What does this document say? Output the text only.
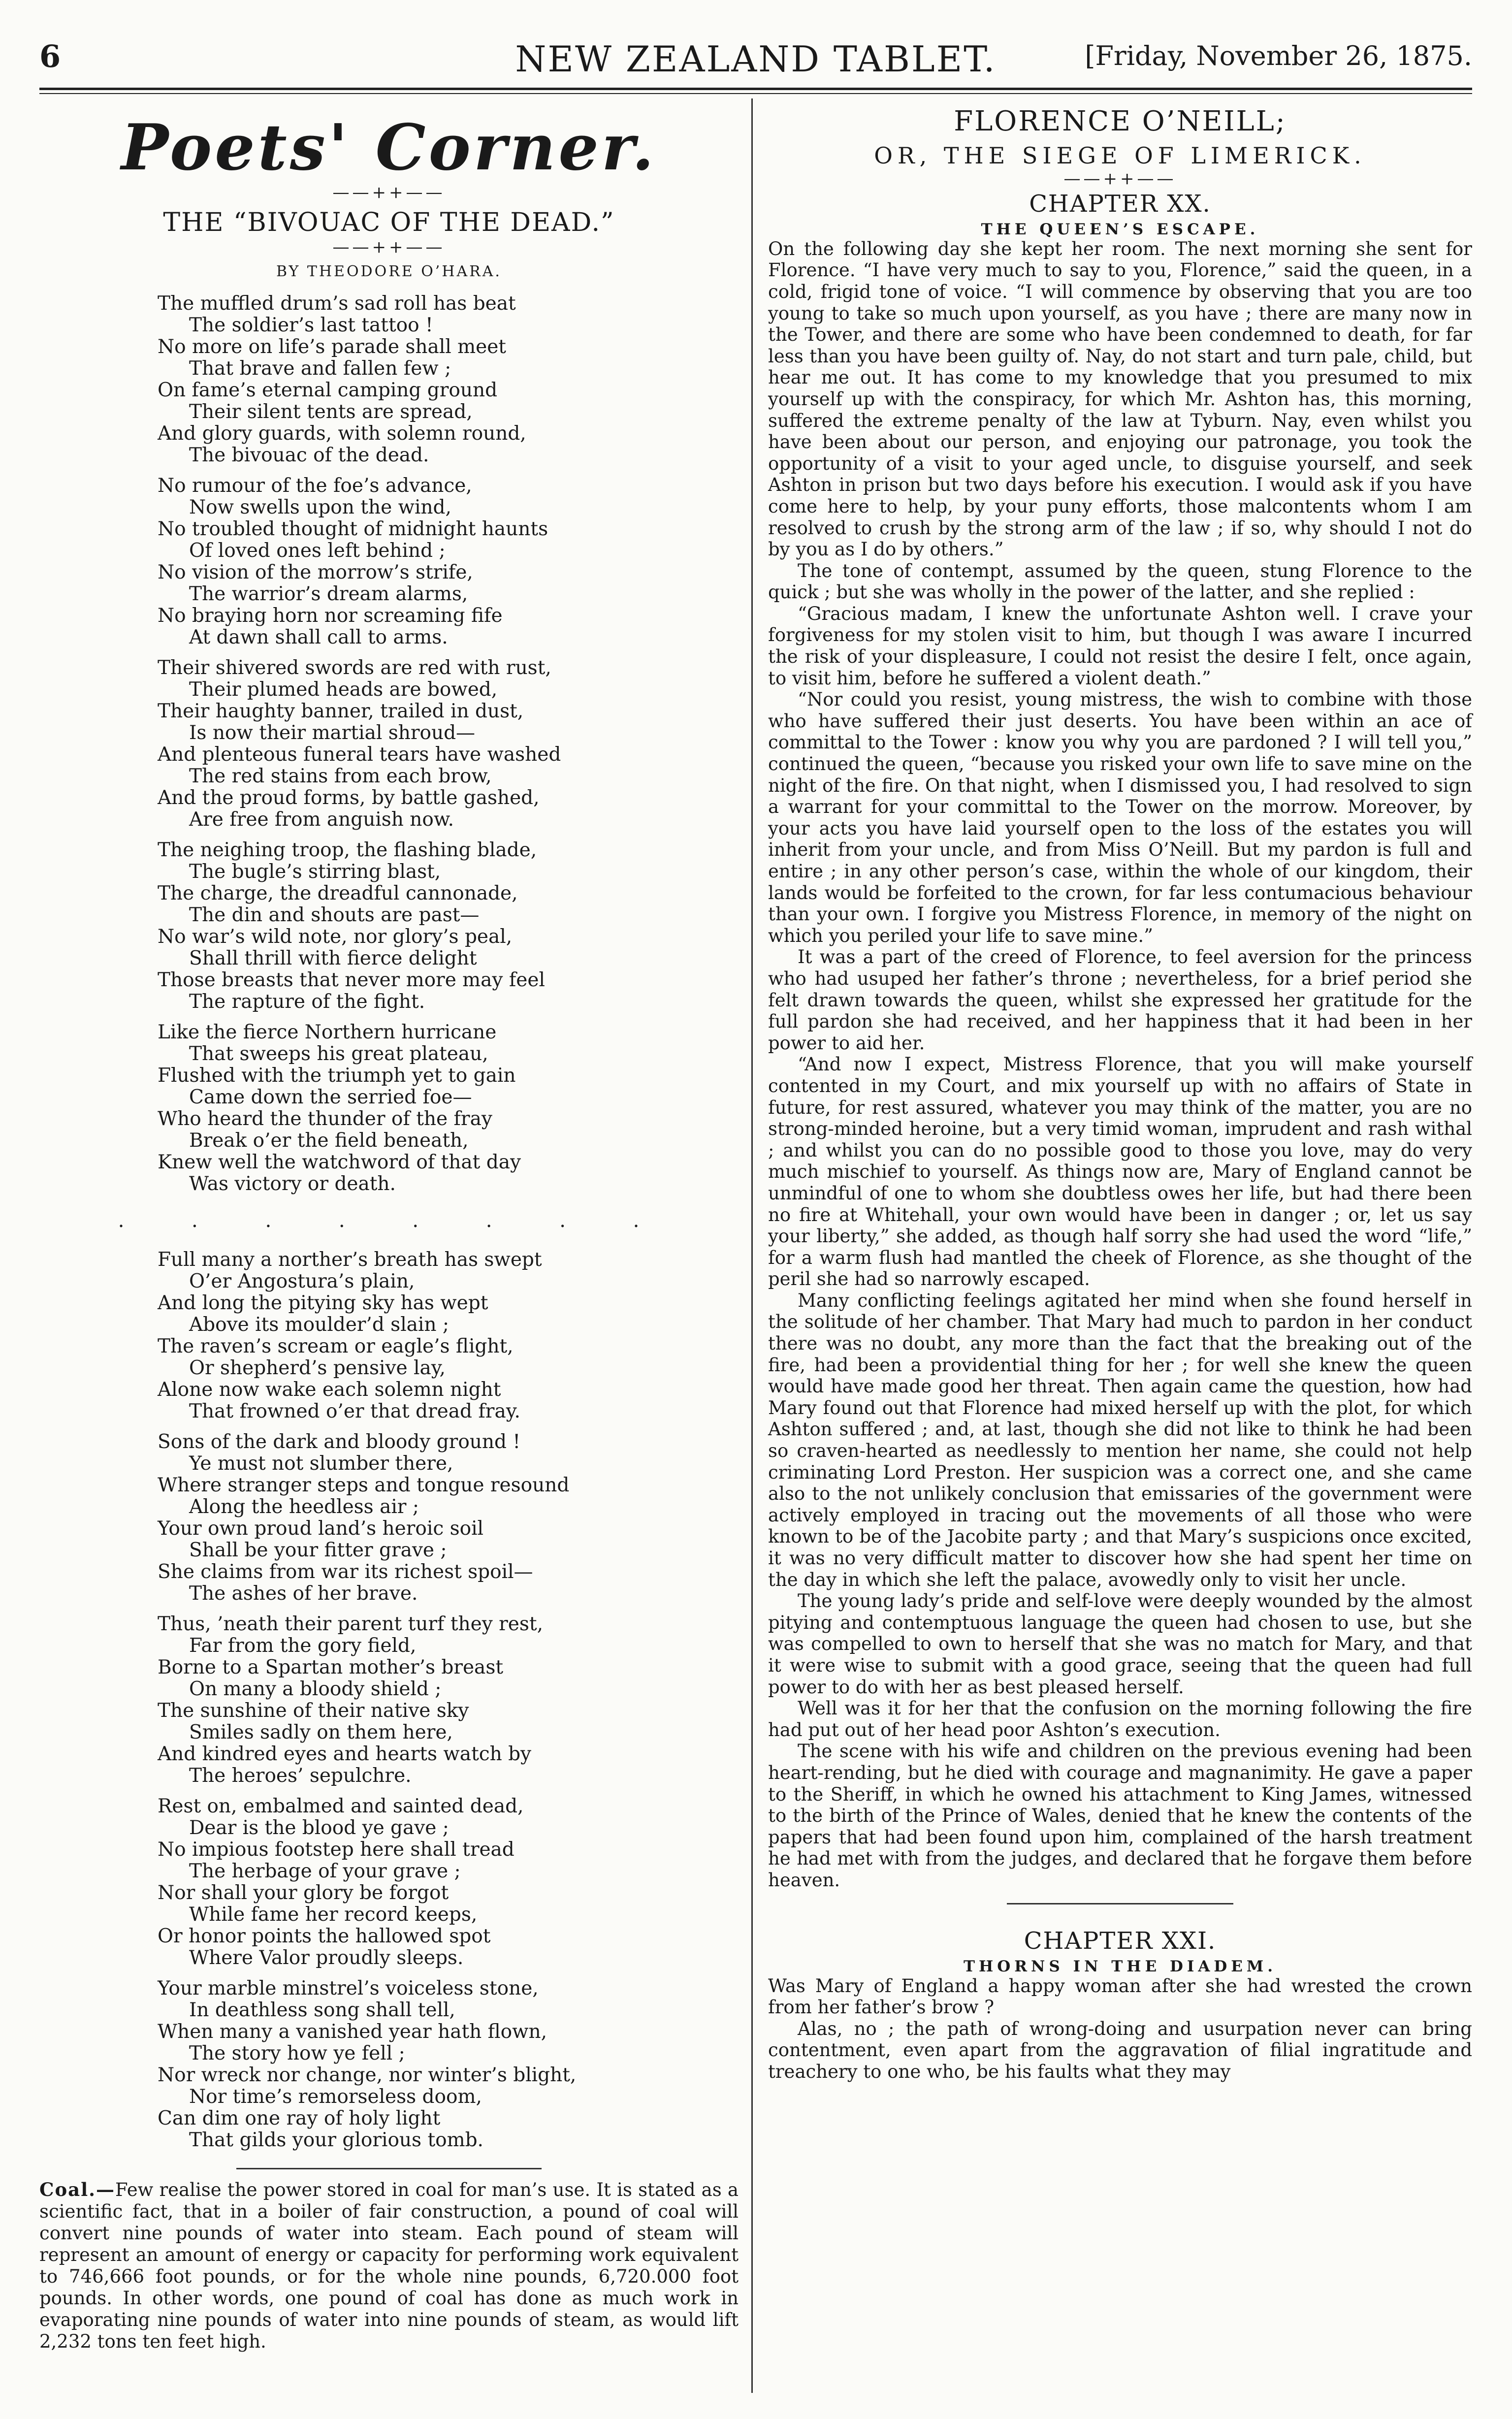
6	NEW ZEALAND TABLET.	[Friday, November 26, 1875.
Poets' Corner.
——++——
THE “BIVOUAC OF THE DEAD.”
——++——
BY THEODORE O’HARA.
The muffled drum’s sad roll has beat
The soldier’s last tattoo !
No more on life’s parade shall meet
That brave and fallen few ;
On fame’s eternal camping ground
Their silent tents are spread,
And glory guards, with solemn round,
The bivouac of the dead.
No rumour of the foe’s advance,
Now swells upon the wind,
No troubled thought of midnight haunts
Of loved ones left behind ;
No vision of the morrow’s strife,
The warrior’s dream alarms,
No braying horn nor screaming fife
At dawn shall call to arms.
Their shivered swords are red with rust,
Their plumed heads are bowed,
Their haughty banner, trailed in dust,
Is now their martial shroud—
And plenteous funeral tears have washed
The red stains from each brow,
And the proud forms, by battle gashed,
Are free from anguish now.
The neighing troop, the flashing blade,
The bugle’s stirring blast,
The charge, the dreadful cannonade,
The din and shouts are past—
No war’s wild note, nor glory’s peal,
Shall thrill with fierce delight
Those breasts that never more may feel
The rapture of the fight.
Like the fierce Northern hurricane
That sweeps his great plateau,
Flushed with the triumph yet to gain
Came down the serried foe—
Who heard the thunder of the fray
Break o’er the field beneath,
Knew well the watchword of that day
Was victory or death.
. . . . . . . .
Full many a norther’s breath has swept
O’er Angostura’s plain,
And long the pitying sky has wept
Above its moulder’d slain ;
The raven’s scream or eagle’s flight,
Or shepherd’s pensive lay,
Alone now wake each solemn night
That frowned o’er that dread fray.
Sons of the dark and bloody ground !
Ye must not slumber there,
Where stranger steps and tongue resound
Along the heedless air ;
Your own proud land’s heroic soil
Shall be your fitter grave ;
She claims from war its richest spoil—
The ashes of her brave.
Thus, ’neath their parent turf they rest,
Far from the gory field,
Borne to a Spartan mother’s breast
On many a bloody shield ;
The sunshine of their native sky
Smiles sadly on them here,
And kindred eyes and hearts watch by
The heroes’ sepulchre.
Rest on, embalmed and sainted dead,
Dear is the blood ye gave ;
No impious footstep here shall tread
The herbage of your grave ;
Nor shall your glory be forgot
While fame her record keeps,
Or honor points the hallowed spot
Where Valor proudly sleeps.
Your marble minstrel’s voiceless stone,
In deathless song shall tell,
When many a vanished year hath flown,
The story how ye fell ;
Nor wreck nor change, nor winter’s blight,
Nor time’s remorseless doom,
Can dim one ray of holy light
That gilds your glorious tomb.
Coal.—Few realise the power stored in coal for man’s use. It is stated as a scientific fact, that in a boiler of fair construction, a pound of coal will convert nine pounds of water into steam. Each pound of steam will represent an amount of energy or capacity for performing work equivalent to 746,666 foot pounds, or for the whole nine pounds, 6,720.000 foot pounds. In other words, one pound of coal has done as much work in evaporating nine pounds of water into nine pounds of steam, as would lift 2,232 tons ten feet high.
FLORENCE O’NEILL;
OR, THE SIEGE OF LIMERICK.
——++——
CHAPTER XX.
THE QUEEN’S ESCAPE.

On the following day she kept her room. The next morning she sent for Florence. “I have very much to say to you, Florence,” said the queen, in a cold, frigid tone of voice. “I will commence by observing that you are too young to take so much upon yourself, as you have ; there are many now in the Tower, and there are some who have been condemned to death, for far less than you have been guilty of. Nay, do not start and turn pale, child, but hear me out. It has come to my knowledge that you presumed to mix yourself up with the conspiracy, for which Mr. Ashton has, this morning, suffered the extreme penalty of the law at Tyburn. Nay, even whilst you have been about our person, and enjoying our patronage, you took the opportunity of a visit to your aged uncle, to disguise yourself, and seek Ashton in prison but two days before his execution. I would ask if you have come here to help, by your puny efforts, those malcontents whom I am resolved to crush by the strong arm of the law ; if so, why should I not do by you as I do by others.”

The tone of contempt, assumed by the queen, stung Florence to the quick ; but she was wholly in the power of the latter, and she replied :

“Gracious madam, I knew the unfortunate Ashton well. I crave your forgiveness for my stolen visit to him, but though I was aware I incurred the risk of your displeasure, I could not resist the desire I felt, once again, to visit him, before he suffered a violent death.”

“Nor could you resist, young mistress, the wish to combine with those who have suffered their just deserts. You have been within an ace of committal to the Tower : know you why you are pardoned ? I will tell you,” continued the queen, “because you risked your own life to save mine on the night of the fire. On that night, when I dismissed you, I had resolved to sign a warrant for your committal to the Tower on the morrow. Moreover, by your acts you have laid yourself open to the loss of the estates you will inherit from your uncle, and from Miss O’Neill. But my pardon is full and entire ; in any other person’s case, within the whole of our kingdom, their lands would be forfeited to the crown, for far less contumacious behaviour than your own. I forgive you Mistress Florence, in memory of the night on which you periled your life to save mine.”

It was a part of the creed of Florence, to feel aversion for the princess who had usuped her father’s throne ; nevertheless, for a brief period she felt drawn towards the queen, whilst she expressed her gratitude for the full pardon she had received, and her happiness that it had been in her power to aid her.

“And now I expect, Mistress Florence, that you will make yourself contented in my Court, and mix yourself up with no affairs of State in future, for rest assured, whatever you may think of the matter, you are no strong-minded heroine, but a very timid woman, imprudent and rash withal ; and whilst you can do no possible good to those you love, may do very much mischief to yourself. As things now are, Mary of England cannot be unmindful of one to whom she doubtless owes her life, but had there been no fire at Whitehall, your own would have been in danger ; or, let us say your liberty,” she added, as though half sorry she had used the word “life,” for a warm flush had mantled the cheek of Florence, as she thought of the peril she had so narrowly escaped.

Many conflicting feelings agitated her mind when she found herself in the solitude of her chamber. That Mary had much to pardon in her conduct there was no doubt, any more than the fact that the breaking out of the fire, had been a providential thing for her ; for well she knew the queen would have made good her threat. Then again came the question, how had Mary found out that Florence had mixed herself up with the plot, for which Ashton suffered ; and, at last, though she did not like to think he had been so craven-hearted as needlessly to mention her name, she could not help criminating Lord Preston. Her suspicion was a correct one, and she came also to the not unlikely conclusion that emissaries of the government were actively employed in tracing out the movements of all those who were known to be of the Jacobite party ; and that Mary’s suspicions once excited, it was no very difficult matter to discover how she had spent her time on the day in which she left the palace, avowedly only to visit her uncle.

The young lady’s pride and self-love were deeply wounded by the almost pitying and contemptuous language the queen had chosen to use, but she was compelled to own to herself that she was no match for Mary, and that it were wise to submit with a good grace, seeing that the queen had full power to do with her as best pleased herself.

Well was it for her that the confusion on the morning following the fire had put out of her head poor Ashton’s execution.

The scene with his wife and children on the previous evening had been heart-rending, but he died with courage and magnanimity. He gave a paper to the Sheriff, in which he owned his attachment to King James, witnessed to the birth of the Prince of Wales, denied that he knew the contents of the papers that had been found upon him, complained of the harsh treatment he had met with from the judges, and declared that he forgave them before heaven.

CHAPTER XXI.
THORNS IN THE DIADEM.

Was Mary of England a happy woman after she had wrested the crown from her father’s brow ?

Alas, no ; the path of wrong-doing and usurpation never can bring contentment, even apart from the aggravation of filial ingratitude and treachery to one who, be his faults what they may
